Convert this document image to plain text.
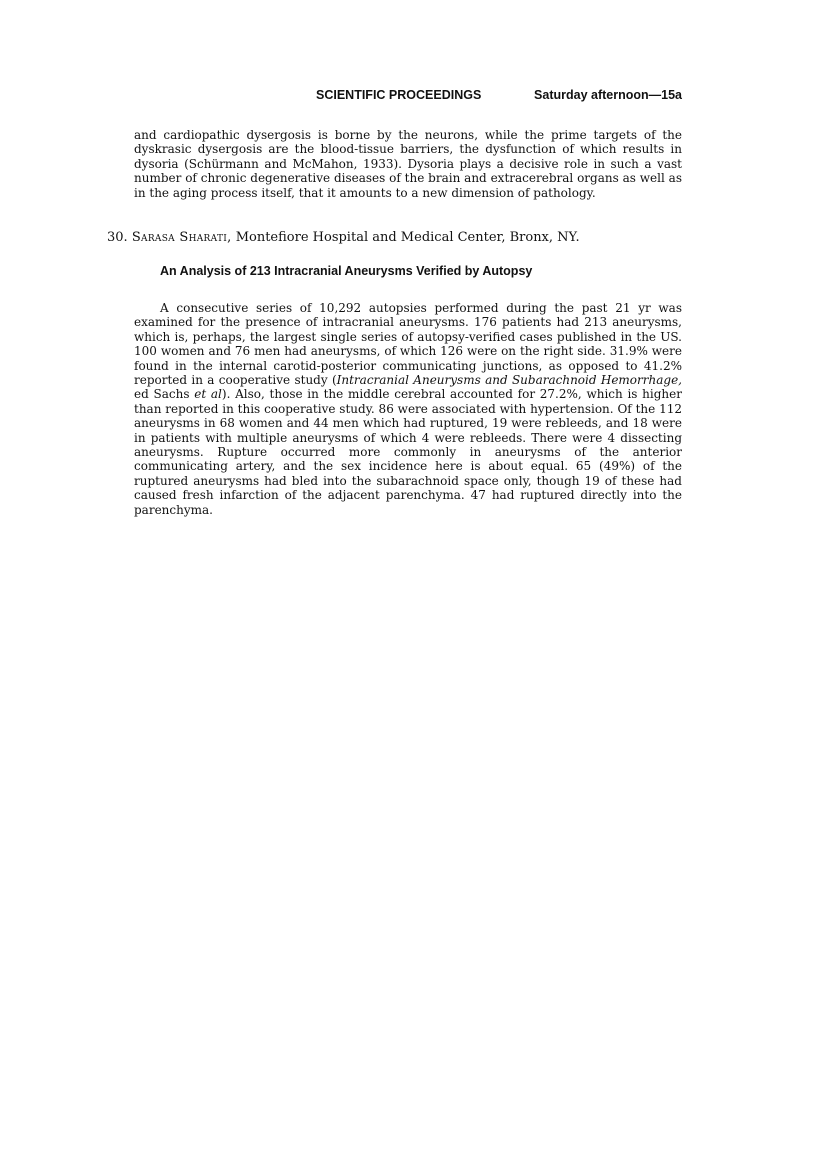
SCIENTIFIC PROCEEDINGS	Saturday afternoon—15a

and cardiopathic dysergosis is borne by the neurons, while the prime targets of the dyskrasic dysergosis are the blood-tissue barriers, the dysfunction of which results in dysoria (Schürmann and McMahon, 1933). Dysoria plays a decisive role in such a vast number of chronic degenerative diseases of the brain and extracerebral organs as well as in the aging process itself, that it amounts to a new dimension of pathology.

30. Sarasa Sharati, Montefiore Hospital and Medical Center, Bronx, NY.
An Analysis of 213 Intracranial Aneurysms Verified by Autopsy

A consecutive series of 10,292 autopsies performed during the past 21 yr was examined for the presence of intracranial aneurysms. 176 patients had 213 aneurysms, which is, perhaps, the largest single series of autopsy-verified cases published in the US. 100 women and 76 men had aneurysms, of which 126 were on the right side. 31.9% were found in the internal carotid-posterior communicating junctions, as opposed to 41.2% reported in a cooperative study (Intracranial Aneurysms and Subarachnoid Hemorrhage, ed Sachs et al). Also, those in the middle cerebral accounted for 27.2%, which is higher than reported in this cooperative study. 86 were associated with hypertension. Of the 112 aneurysms in 68 women and 44 men which had ruptured, 19 were rebleeds, and 18 were in patients with multiple aneurysms of which 4 were rebleeds. There were 4 dissecting aneurysms. Rupture occurred more commonly in aneurysms of the anterior communicating artery, and the sex incidence here is about equal. 65 (49%) of the ruptured aneurysms had bled into the subarachnoid space only, though 19 of these had caused fresh infarction of the adjacent parenchyma. 47 had ruptured directly into the parenchyma.
